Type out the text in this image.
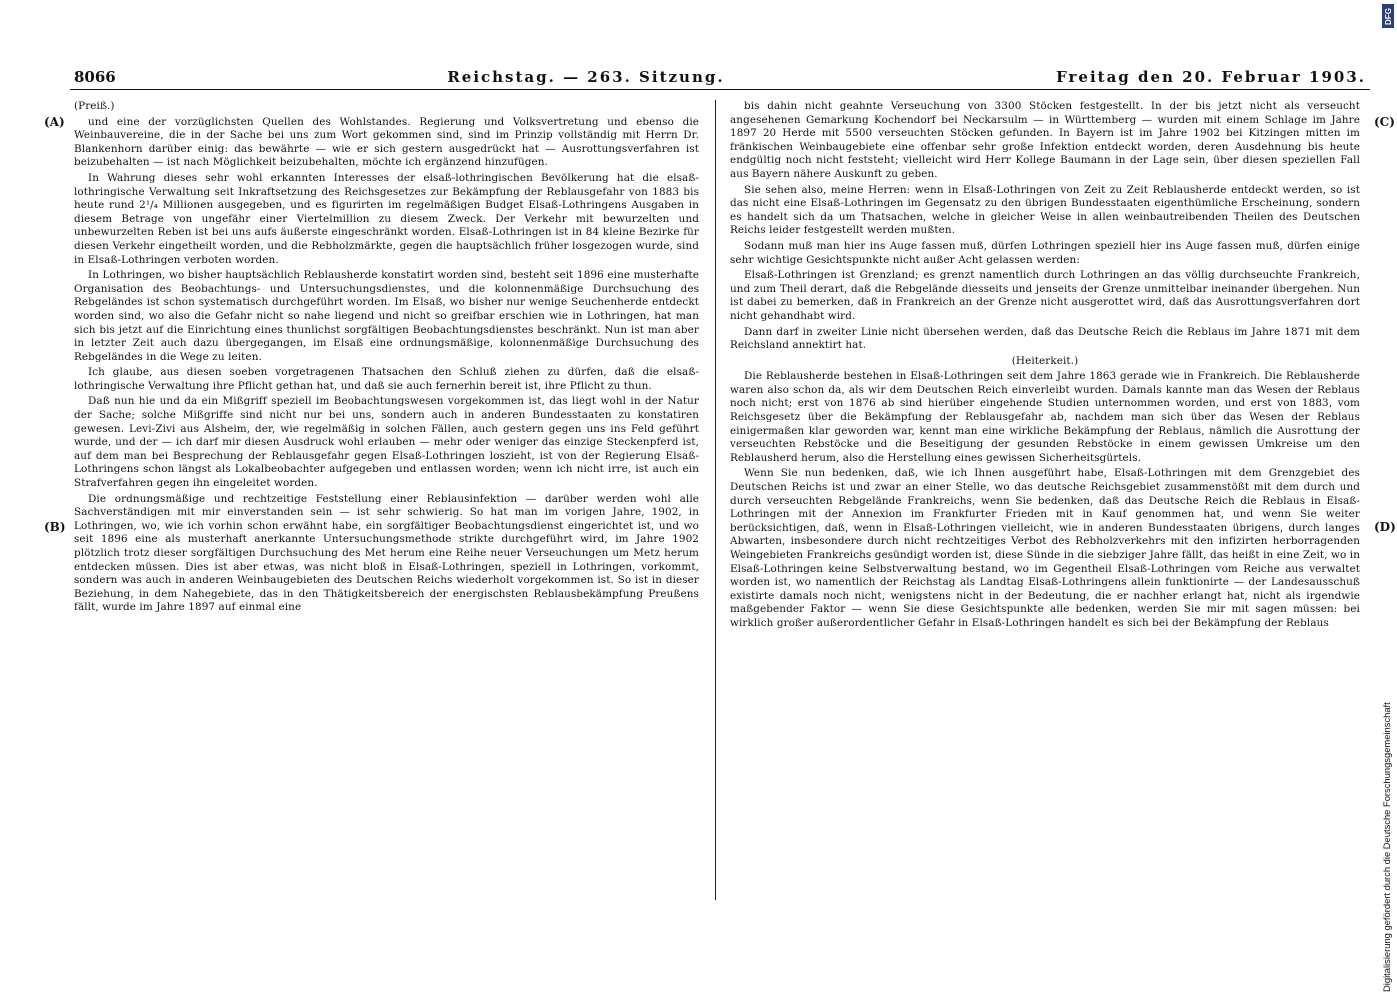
8066	Reichstag. — 263. Sitzung.	Freitag den 20. Februar 1903.
(A)
(B)
(C)
(D)

(Preiß.)

und eine der vorzüglichsten Quellen des Wohlstandes. Regierung und Volksvertretung und ebenso die Weinbauvereine, die in der Sache bei uns zum Wort gekommen sind, sind im Prinzip vollständig mit Herrn Dr. Blankenhorn darüber einig: das bewährte — wie er sich gestern ausgedrückt hat — Ausrottungsverfahren ist beizubehalten — ist nach Möglichkeit beizubehalten, möchte ich ergänzend hinzufügen.

In Wahrung dieses sehr wohl erkannten Interesses der elsaß-lothringischen Bevölkerung hat die elsaß-lothringische Verwaltung seit Inkraftsetzung des Reichsgesetzes zur Bekämpfung der Reblausgefahr von 1883 bis heute rund 2¹/₄ Millionen ausgegeben, und es figurirten im regelmäßigen Budget Elsaß-Lothringens Ausgaben in diesem Betrage von ungefähr einer Viertelmillion zu diesem Zweck. Der Verkehr mit bewurzelten und unbewurzelten Reben ist bei uns aufs äußerste eingeschränkt worden. Elsaß-Lothringen ist in 84 kleine Bezirke für diesen Verkehr eingetheilt worden, und die Rebholzmärkte, gegen die hauptsächlich früher losgezogen wurde, sind in Elsaß-Lothringen verboten worden.

In Lothringen, wo bisher hauptsächlich Reblausherde konstatirt worden sind, besteht seit 1896 eine musterhafte Organisation des Beobachtungs- und Untersuchungsdienstes, und die kolonnenmäßige Durchsuchung des Rebgeländes ist schon systematisch durchgeführt worden. Im Elsaß, wo bisher nur wenige Seuchenherde entdeckt worden sind, wo also die Gefahr nicht so nahe liegend und nicht so greifbar erschien wie in Lothringen, hat man sich bis jetzt auf die Einrichtung eines thunlichst sorgfältigen Beobachtungsdienstes beschränkt. Nun ist man aber in letzter Zeit auch dazu übergegangen, im Elsaß eine ordnungsmäßige, kolonnenmäßige Durchsuchung des Rebgeländes in die Wege zu leiten.

Ich glaube, aus diesen soeben vorgetragenen Thatsachen den Schluß ziehen zu dürfen, daß die elsaß-lothringische Verwaltung ihre Pflicht gethan hat, und daß sie auch fernerhin bereit ist, ihre Pflicht zu thun.

Daß nun hie und da ein Mißgriff speziell im Beobachtungswesen vorgekommen ist, das liegt wohl in der Natur der Sache; solche Mißgriffe sind nicht nur bei uns, sondern auch in anderen Bundesstaaten zu konstatiren gewesen. Levi-Zivi aus Alsheim, der, wie regelmäßig in solchen Fällen, auch gestern gegen uns ins Feld geführt wurde, und der — ich darf mir diesen Ausdruck wohl erlauben — mehr oder weniger das einzige Steckenpferd ist, auf dem man bei Besprechung der Reblausgefahr gegen Elsaß-Lothringen loszieht, ist von der Regierung Elsaß-Lothringens schon längst als Lokalbeobachter aufgegeben und entlassen worden; wenn ich nicht irre, ist auch ein Strafverfahren gegen ihn eingeleitet worden.

Die ordnungsmäßige und rechtzeitige Feststellung einer Reblausinfektion — darüber werden wohl alle Sachverständigen mit mir einverstanden sein — ist sehr schwierig. So hat man im vorigen Jahre, 1902, in Lothringen, wo, wie ich vorhin schon erwähnt habe, ein sorgfältiger Beobachtungsdienst eingerichtet ist, und wo seit 1896 eine als musterhaft anerkannte Untersuchungsmethode strikte durchgeführt wird, im Jahre 1902 plötzlich trotz dieser sorgfältigen Durchsuchung des Met herum eine Reihe neuer Verseuchungen um Metz herum entdecken müssen. Dies ist aber etwas, was nicht bloß in Elsaß-Lothringen, speziell in Lothringen, vorkommt, sondern was auch in anderen Weinbaugebieten des Deutschen Reichs wiederholt vorgekommen ist. So ist in dieser Beziehung, in dem Nahegebiete, das in den Thätigkeitsbereich der energischsten Reblausbekämpfung Preußens fällt, wurde im Jahre 1897 auf einmal eine

bis dahin nicht geahnte Verseuchung von 3300 Stöcken festgestellt. In der bis jetzt nicht als verseucht angesehenen Gemarkung Kochendorf bei Neckarsulm — in Württemberg — wurden mit einem Schlage im Jahre 1897 20 Herde mit 5500 verseuchten Stöcken gefunden. In Bayern ist im Jahre 1902 bei Kitzingen mitten im fränkischen Weinbaugebiete eine offenbar sehr große Infektion entdeckt worden, deren Ausdehnung bis heute endgültig noch nicht feststeht; vielleicht wird Herr Kollege Baumann in der Lage sein, über diesen speziellen Fall aus Bayern nähere Auskunft zu geben.

Sie sehen also, meine Herren: wenn in Elsaß-Lothringen von Zeit zu Zeit Reblausherde entdeckt werden, so ist das nicht eine Elsaß-Lothringen im Gegensatz zu den übrigen Bundesstaaten eigenthümliche Erscheinung, sondern es handelt sich da um Thatsachen, welche in gleicher Weise in allen weinbautreibenden Theilen des Deutschen Reichs leider festgestellt werden mußten.

Sodann muß man hier ins Auge fassen muß, dürfen Lothringen speziell hier ins Auge fassen muß, dürfen einige sehr wichtige Gesichtspunkte nicht außer Acht gelassen werden:

Elsaß-Lothringen ist Grenzland; es grenzt namentlich durch Lothringen an das völlig durchseuchte Frankreich, und zum Theil derart, daß die Rebgelände diesseits und jenseits der Grenze unmittelbar ineinander übergehen. Nun ist dabei zu bemerken, daß in Frankreich an der Grenze nicht ausgerottet wird, daß das Ausrottungsverfahren dort nicht gehandhabt wird.

Dann darf in zweiter Linie nicht übersehen werden, daß das Deutsche Reich die Reblaus im Jahre 1871 mit dem Reichsland annektirt hat.

(Heiterkeit.)

Die Reblausherde bestehen in Elsaß-Lothringen seit dem Jahre 1863 gerade wie in Frankreich. Die Reblausherde waren also schon da, als wir dem Deutschen Reich einverleibt wurden. Damals kannte man das Wesen der Reblaus noch nicht; erst von 1876 ab sind hierüber eingehende Studien unternommen worden, und erst von 1883, vom Reichsgesetz über die Bekämpfung der Reblausgefahr ab, nachdem man sich über das Wesen der Reblaus einigermaßen klar geworden war, kennt man eine wirkliche Bekämpfung der Reblaus, nämlich die Ausrottung der verseuchten Rebstöcke und die Beseitigung der gesunden Rebstöcke in einem gewissen Umkreise um den Reblausherd herum, also die Herstellung eines gewissen Sicherheitsgürtels.

Wenn Sie nun bedenken, daß, wie ich Ihnen ausgeführt habe, Elsaß-Lothringen mit dem Grenzgebiet des Deutschen Reichs ist und zwar an einer Stelle, wo das deutsche Reichsgebiet zusammenstößt mit dem durch und durch verseuchten Rebgelände Frankreichs, wenn Sie bedenken, daß das Deutsche Reich die Reblaus in Elsaß-Lothringen mit der Annexion im Frankfurter Frieden mit in Kauf genommen hat, und wenn Sie weiter berücksichtigen, daß, wenn in Elsaß-Lothringen vielleicht, wie in anderen Bundesstaaten übrigens, durch langes Abwarten, insbesondere durch nicht rechtzeitiges Verbot des Rebholzverkehrs mit den infizirten herborragenden Weingebieten Frankreichs gesündigt worden ist, diese Sünde in die siebziger Jahre fällt, das heißt in eine Zeit, wo in Elsaß-Lothringen keine Selbstverwaltung bestand, wo im Gegentheil Elsaß-Lothringen vom Reiche aus verwaltet worden ist, wo namentlich der Reichstag als Landtag Elsaß-Lothringens allein funktionirte — der Landesausschuß existirte damals noch nicht, wenigstens nicht in der Bedeutung, die er nachher erlangt hat, nicht als irgendwie maßgebender Faktor — wenn Sie diese Gesichtspunkte alle bedenken, werden Sie mir mit sagen müssen: bei wirklich großer außerordentlicher Gefahr in Elsaß-Lothringen handelt es sich bei der Bekämpfung der Reblaus

DFG
Digitalisierung gefördert durch die Deutsche Forschungsgemeinschaft
